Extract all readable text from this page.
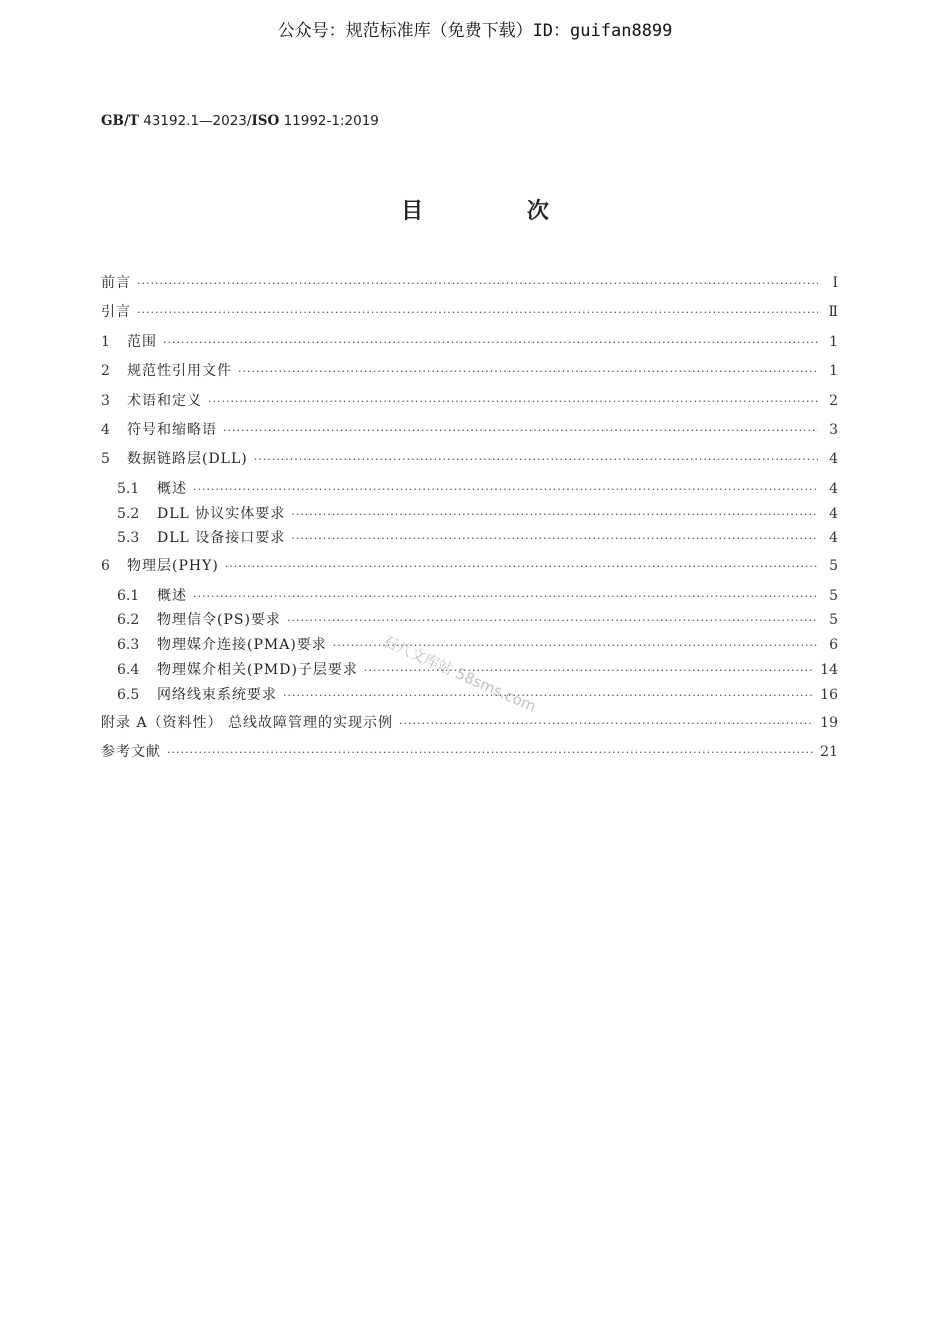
公众号：规范标准库（免费下载）ID：guifan8899
GB/T 43192.1—2023/ISO 11992-1:2019
目 次
前言 ·····	Ⅰ
引言 ·····	Ⅱ
1	范围 ·····	1
2	规范性引用文件 ·····	1
3	术语和定义 ·····	2
4	符号和缩略语 ·····	3
5	数据链路层(DLL) ·····	4
5.1	概述 ·····	4
5.2	DLL 协议实体要求 ·····	4
5.3	DLL 设备接口要求 ·····	4
6	物理层(PHY) ·····	5
6.1	概述 ·····	5
6.2	物理信令(PS)要求 ·····	5
6.3	物理媒介连接(PMA)要求 ·····	6
6.4	物理媒介相关(PMD)子层要求 ·····	14
6.5	网络线束系统要求 ·····	16
附录 A（资料性） 总线故障管理的实现示例 ·····	19
参考文献 ·····	21
石八文库站 58sms.com
